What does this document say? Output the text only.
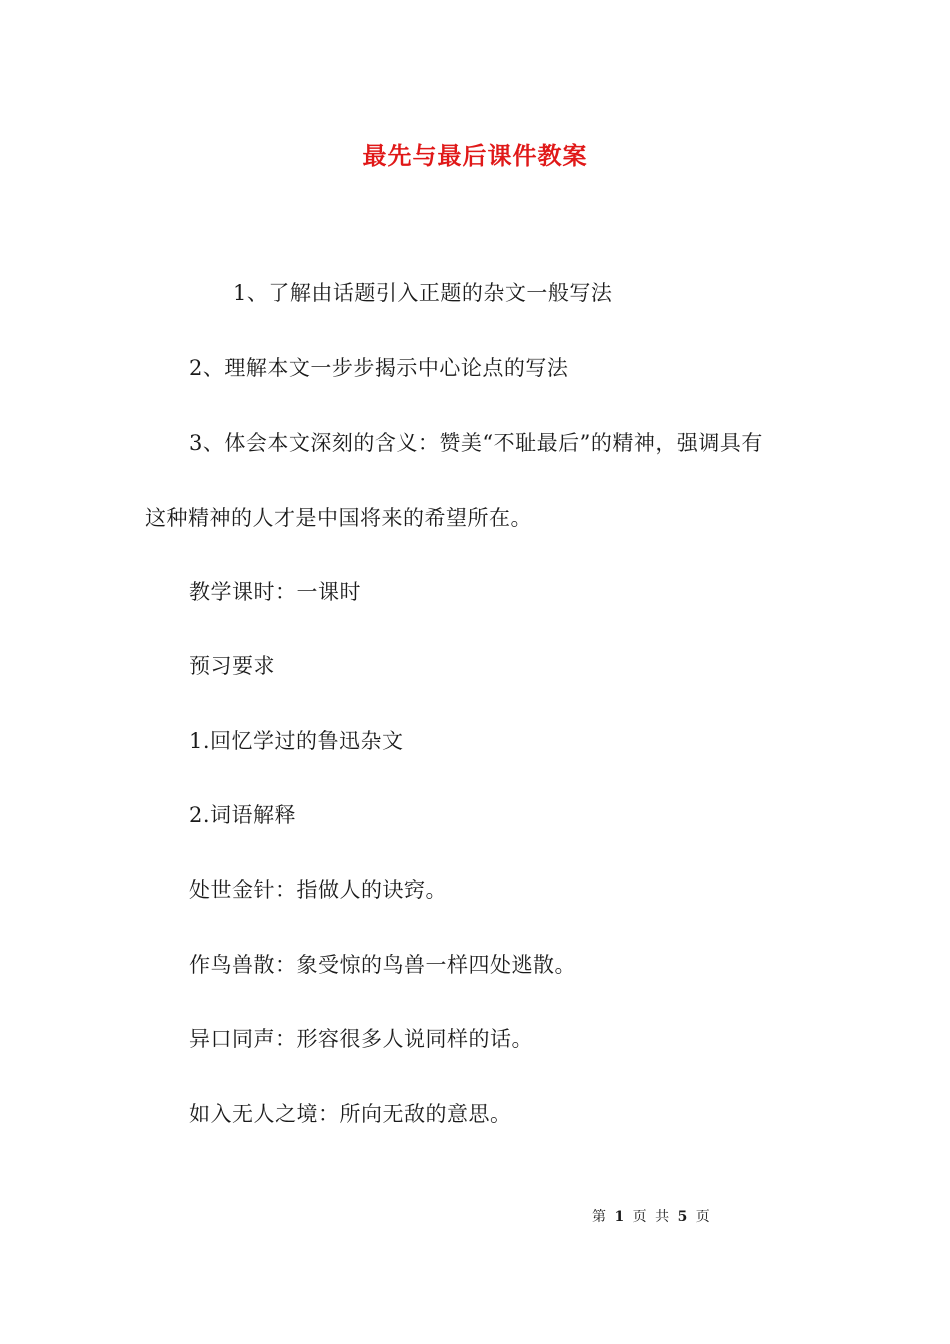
最先与最后课件教案
1、了解由话题引入正题的杂文一般写法
2、理解本文一步步揭示中心论点的写法
3、体会本文深刻的含义：赞美“不耻最后”的精神，强调具有
这种精神的人才是中国将来的希望所在。
教学课时：一课时
预习要求
1.回忆学过的鲁迅杂文
2.词语解释
处世金针：指做人的诀窍。
作鸟兽散：象受惊的鸟兽一样四处逃散。
异口同声：形容很多人说同样的话。
如入无人之境：所向无敌的意思。
第 1 页 共 5 页
